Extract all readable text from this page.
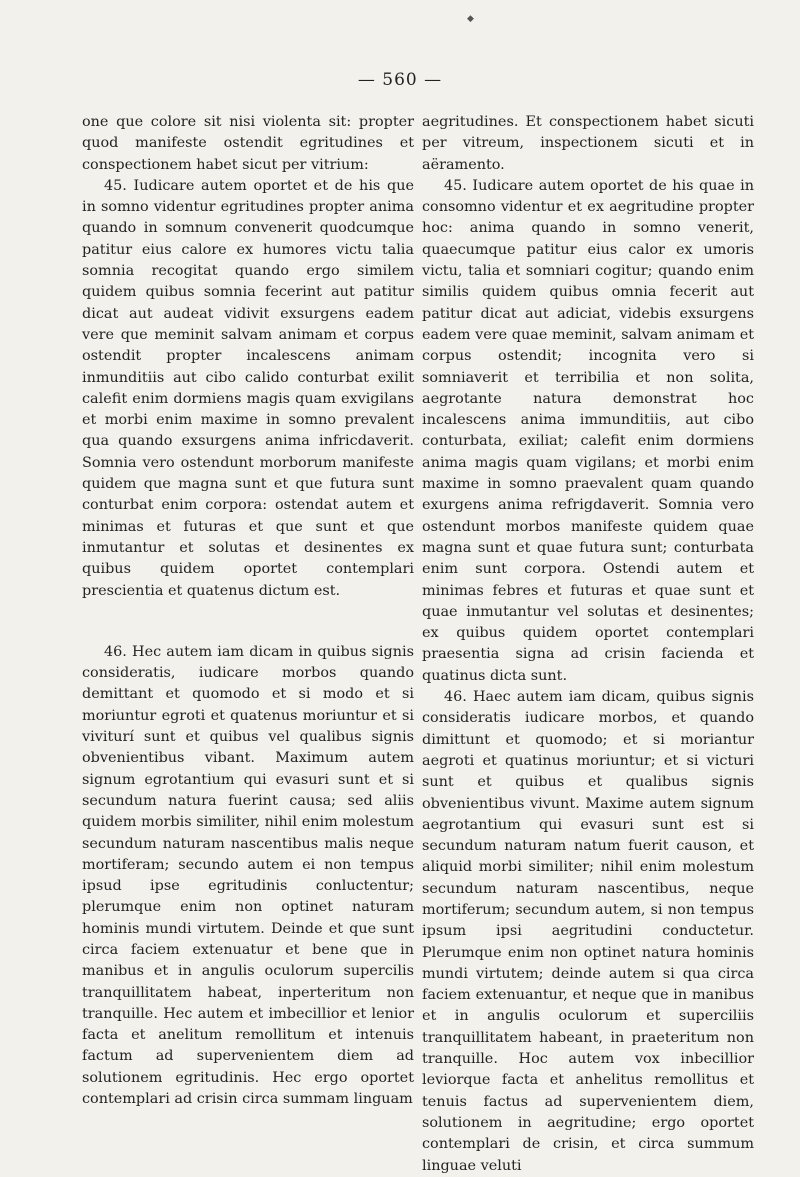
◆
— 560 —

one que colore sit nisi violenta sit: propter quod manifeste ostendit egritudines et conspectionem habet sicut per vitrium:

45. Iudicare autem oportet et de his que in somno videntur egritudines propter anima quando in somnum convenerit quodcumque patitur eius calore ex humores victu talia somnia recogitat quando ergo similem quidem quibus somnia fecerint aut patitur dicat aut audeat vidivit exsurgens eadem vere que meminit salvam animam et corpus ostendit propter incalescens animam inmunditiis aut cibo calido conturbat exilit calefit enim dormiens magis quam exvigilans et morbi enim maxime in somno prevalent qua quando exsurgens anima infricdaverit. Somnia vero ostendunt morborum manifeste quidem que magna sunt et que futura sunt conturbat enim corpora: ostendat autem et minimas et futuras et que sunt et que inmutantur et solutas et desinentes ex quibus quidem oportet contemplari prescientia et quatenus dictum est.

46. Hec autem iam dicam in quibus signis consideratis, iudicare morbos quando demittant et quomodo et si modo et si moriuntur egroti et quatenus moriuntur et si viviturí sunt et quibus vel qualibus signis obvenientibus vibant. Maximum autem signum egrotantium qui evasuri sunt et si secundum natura fuerint causa; sed aliis quidem morbis similiter, nihil enim molestum secundum naturam nascentibus malis neque mortiferam; secundo autem ei non tempus ipsud ipse egritudinis conluctentur; plerumque enim non optinet naturam hominis mundi virtutem. Deinde et que sunt circa faciem extenuatur et bene que in manibus et in angulis oculorum supercilis tranquillitatem habeat, inperteritum non tranquille. Hec autem et imbecillior et lenior facta et anelitum remollitum et intenuis factum ad supervenientem diem ad solutionem egritudinis. Hec ergo oportet contemplari ad crisin circa summam linguam

aegritudines. Et conspectionem habet sicuti per vitreum, inspectionem sicuti et in aëramento.

45. Iudicare autem oportet de his quae in consomno videntur et ex aegritudine propter hoc: anima quando in somno venerit, quaecumque patitur eius calor ex umoris victu, talia et somniari cogitur; quando enim similis quidem quibus omnia fecerit aut patitur dicat aut adiciat, videbis exsurgens eadem vere quae meminit, salvam animam et corpus ostendit; incognita vero si somniaverit et terribilia et non solita, aegrotante natura demonstrat hoc incalescens anima immunditiis, aut cibo conturbata, exiliat; calefit enim dormiens anima magis quam vigilans; et morbi enim maxime in somno praevalent quam quando exurgens anima refrigdaverit. Somnia vero ostendunt morbos manifeste quidem quae magna sunt et quae futura sunt; conturbata enim sunt corpora. Ostendi autem et minimas febres et futuras et quae sunt et quae inmutantur vel solutas et desinentes; ex quibus quidem oportet contemplari praesentia signa ad crisin facienda et quatinus dicta sunt.

46. Haec autem iam dicam, quibus signis consideratis iudicare morbos, et quando dimittunt et quomodo; et si moriantur aegroti et quatinus moriuntur; et si victuri sunt et quibus et qualibus signis obvenientibus vivunt. Maxime autem signum aegrotantium qui evasuri sunt est si secundum naturam natum fuerit causon, et aliquid morbi similiter; nihil enim molestum secundum naturam nascentibus, neque mortiferum; secundum autem, si non tempus ipsum ipsi aegritudini conductetur. Plerumque enim non optinet natura hominis mundi virtutem; deinde autem si qua circa faciem extenuantur, et neque que in manibus et in angulis oculorum et superciliis tranquillitatem habeant, in praeteritum non tranquille. Hoc autem vox inbecillior leviorque facta et anhelitus remollitus et tenuis factus ad supervenientem diem, solutionem in aegritudine; ergo oportet contemplari de crisin, et circa summum linguae veluti
